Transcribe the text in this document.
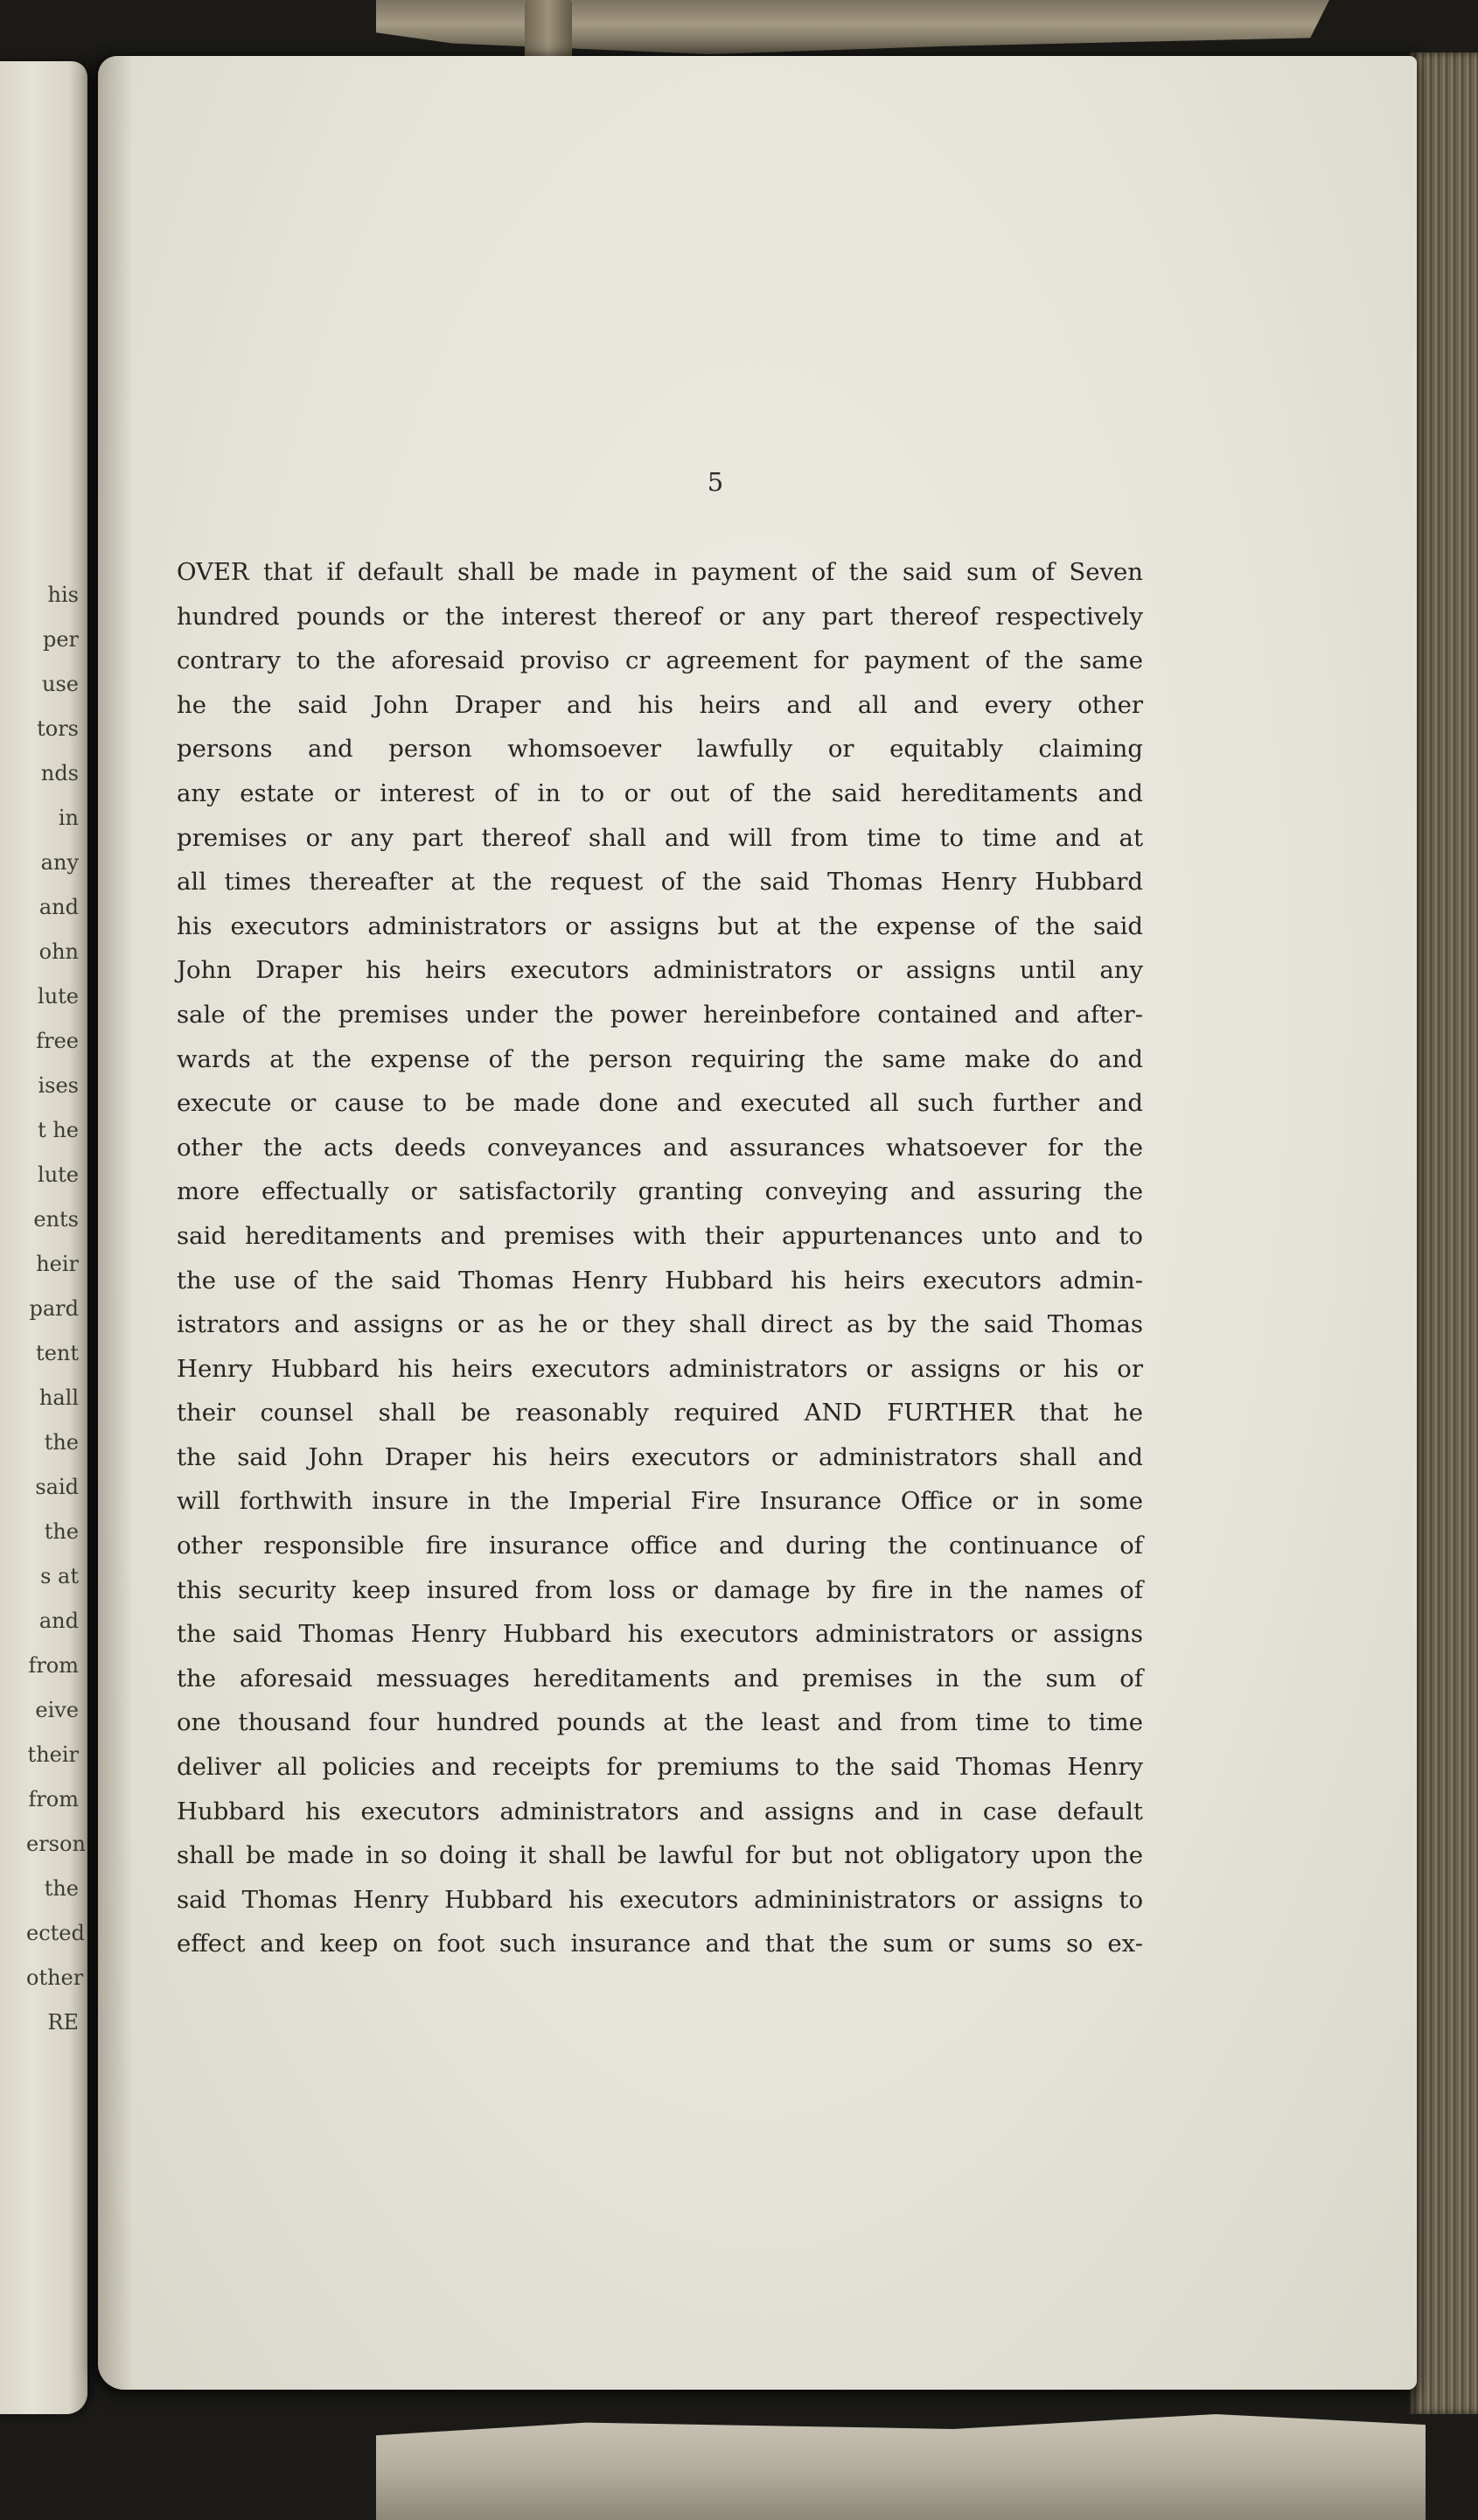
his
per
use
tors
nds
in
any
and
ohn
lute
free
ises
t he
lute
ents
heir
pard
tent
hall
the
said
the
s at
and
from
eive
their
from
erson
the
ected
other
RE

5

OVER that if default shall be made in payment of the said sum of Seven
hundred pounds or the interest thereof or any part thereof respectively
contrary to the aforesaid proviso cr agreement for payment of the same
he the said John Draper and his heirs and all and every other
persons and person whomsoever lawfully or equitably claiming
any estate or interest of in to or out of the said hereditaments and
premises or any part thereof shall and will from time to time and at
all times thereafter at the request of the said Thomas Henry Hubbard
his executors administrators or assigns but at the expense of the said
John Draper his heirs executors administrators or assigns until any
sale of the premises under the power hereinbefore contained and after-
wards at the expense of the person requiring the same make do and
execute or cause to be made done and executed all such further and
other the acts deeds conveyances and assurances whatsoever for the
more effectually or satisfactorily granting conveying and assuring the
said hereditaments and premises with their appurtenances unto and to
the use of the said Thomas Henry Hubbard his heirs executors admin-
istrators and assigns or as he or they shall direct as by the said Thomas
Henry Hubbard his heirs executors administrators or assigns or his or
their counsel shall be reasonably required AND FURTHER that he
the said John Draper his heirs executors or administrators shall and
will forthwith insure in the Imperial Fire Insurance Office or in some
other responsible fire insurance office and during the continuance of
this security keep insured from loss or damage by fire in the names of
the said Thomas Henry Hubbard his executors administrators or assigns
the aforesaid messuages hereditaments and premises in the sum of
one thousand four hundred pounds at the least and from time to time
deliver all policies and receipts for premiums to the said Thomas Henry
Hubbard his executors administrators and assigns and in case default
shall be made in so doing it shall be lawful for but not obligatory upon the
said Thomas Henry Hubbard his executors admininistrators or assigns to
effect and keep on foot such insurance and that the sum or sums so ex-
